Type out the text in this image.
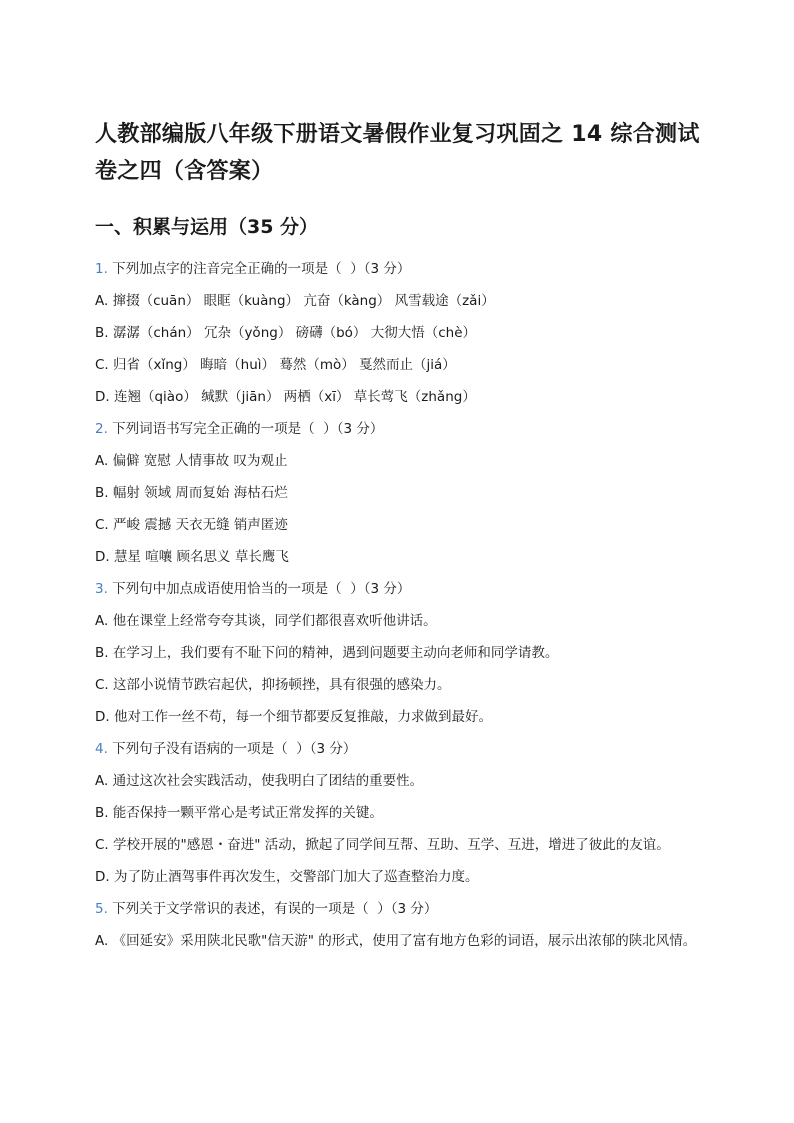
人教部编版八年级下册语文暑假作业复习巩固之 14 综合测试卷之四（含答案）
一、积累与运用（35 分）

1. 下列加点字的注音完全正确的一项是（  ）（3 分）

A. 撺掇（cuān） 眼眶（kuàng） 亢奋（kàng） 风雪载途（zǎi）

B. 潺潺（chán） 冗杂（yǒng） 磅礴（bó） 大彻大悟（chè）

C. 归省（xǐng） 晦暗（huì） 蓦然（mò） 戛然而止（jiá）

D. 连翘（qiào） 缄默（jiān） 两栖（xī） 草长莺飞（zhǎng）

2. 下列词语书写完全正确的一项是（  ）（3 分）

A. 偏僻 宽慰 人情事故 叹为观止

B. 幅射 领域 周而复始 海枯石烂

C. 严峻 震撼 天衣无缝 销声匿迹

D. 慧星 喧嚷 顾名思义 草长鹰飞

3. 下列句中加点成语使用恰当的一项是（  ）（3 分）

A. 他在课堂上经常夸夸其谈，同学们都很喜欢听他讲话。

B. 在学习上，我们要有不耻下问的精神，遇到问题要主动向老师和同学请教。

C. 这部小说情节跌宕起伏，抑扬顿挫，具有很强的感染力。

D. 他对工作一丝不苟，每一个细节都要反复推敲，力求做到最好。

4. 下列句子没有语病的一项是（  ）（3 分）

A. 通过这次社会实践活动，使我明白了团结的重要性。

B. 能否保持一颗平常心是考试正常发挥的关键。

C. 学校开展的"感恩・奋进" 活动，掀起了同学间互帮、互助、互学、互进，增进了彼此的友谊。

D. 为了防止酒驾事件再次发生，交警部门加大了巡查整治力度。

5. 下列关于文学常识的表述，有误的一项是（  ）（3 分）

A. 《回延安》采用陕北民歌"信天游" 的形式，使用了富有地方色彩的词语，展示出浓郁的陕北风情。
